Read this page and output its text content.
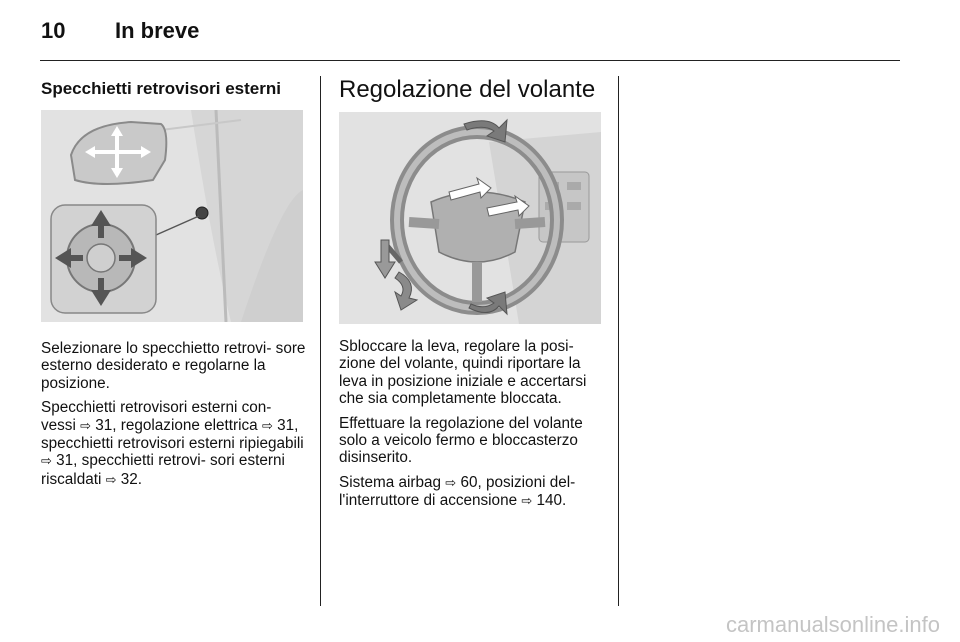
10 In breve
Specchietti retrovisori esterni

Selezionare lo specchietto retrovi- sore esterno desiderato e regolarne la posizione.

Specchietti retrovisori esterni con- vessi ⇨ 31, regolazione elettrica ⇨ 31, specchietti retrovisori esterni ripiegabili ⇨ 31, specchietti retrovi- sori esterni riscaldati ⇨ 32.

Regolazione del volante

Sbloccare la leva, regolare la posi- zione del volante, quindi riportare la leva in posizione iniziale e accertarsi che sia completamente bloccata.

Effettuare la regolazione del volante solo a veicolo fermo e bloccasterzo disinserito.

Sistema airbag ⇨ 60, posizioni del- l'interruttore di accensione ⇨ 140.

carmanualsonline.info
